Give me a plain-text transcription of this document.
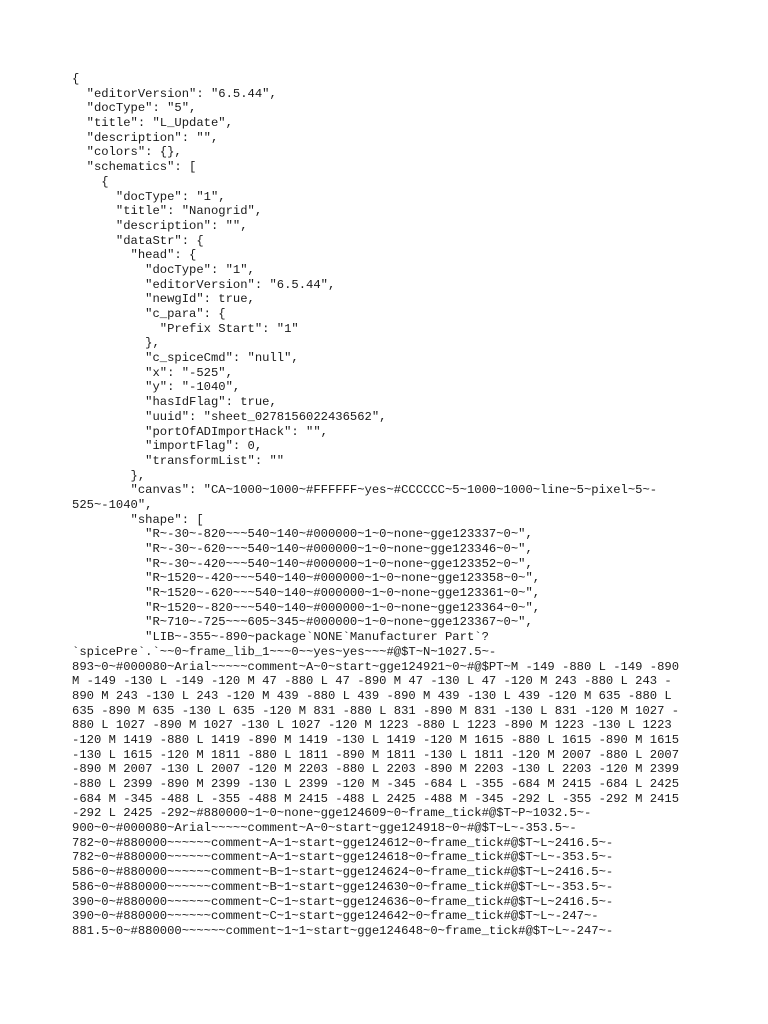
{
"editorVersion": "6.5.44",
"docType": "5",
"title": "L_Update",
"description": "",
"colors": {},
"schematics": [
{
"docType": "1",
"title": "Nanogrid",
"description": "",
"dataStr": {
"head": {
"docType": "1",
"editorVersion": "6.5.44",
"newgId": true,
"c_para": {
"Prefix Start": "1"
},
"c_spiceCmd": "null",
"x": "-525",
"y": "-1040",
"hasIdFlag": true,
"uuid": "sheet_0278156022436562",
"portOfADImportHack": "",
"importFlag": 0,
"transformList": ""
},
"canvas": "CA~1000~1000~#FFFFFF~yes~#CCCCCC~5~1000~1000~line~5~pixel~5~-
525~-1040",
"shape": [
"R~-30~-820~~~540~140~#000000~1~0~none~gge123337~0~",
"R~-30~-620~~~540~140~#000000~1~0~none~gge123346~0~",
"R~-30~-420~~~540~140~#000000~1~0~none~gge123352~0~",
"R~1520~-420~~~540~140~#000000~1~0~none~gge123358~0~",
"R~1520~-620~~~540~140~#000000~1~0~none~gge123361~0~",
"R~1520~-820~~~540~140~#000000~1~0~none~gge123364~0~",
"R~710~-725~~~605~345~#000000~1~0~none~gge123367~0~",
"LIB~-355~-890~package`NONE`Manufacturer Part`?
`spicePre`.`~~0~frame_lib_1~~~0~~yes~yes~~~#@$T~N~1027.5~-
893~0~#000080~Arial~~~~~comment~A~0~start~gge124921~0~#@$PT~M -149 -880 L -149 -890
M -149 -130 L -149 -120 M 47 -880 L 47 -890 M 47 -130 L 47 -120 M 243 -880 L 243 -
890 M 243 -130 L 243 -120 M 439 -880 L 439 -890 M 439 -130 L 439 -120 M 635 -880 L
635 -890 M 635 -130 L 635 -120 M 831 -880 L 831 -890 M 831 -130 L 831 -120 M 1027 -
880 L 1027 -890 M 1027 -130 L 1027 -120 M 1223 -880 L 1223 -890 M 1223 -130 L 1223
-120 M 1419 -880 L 1419 -890 M 1419 -130 L 1419 -120 M 1615 -880 L 1615 -890 M 1615
-130 L 1615 -120 M 1811 -880 L 1811 -890 M 1811 -130 L 1811 -120 M 2007 -880 L 2007
-890 M 2007 -130 L 2007 -120 M 2203 -880 L 2203 -890 M 2203 -130 L 2203 -120 M 2399
-880 L 2399 -890 M 2399 -130 L 2399 -120 M -345 -684 L -355 -684 M 2415 -684 L 2425
-684 M -345 -488 L -355 -488 M 2415 -488 L 2425 -488 M -345 -292 L -355 -292 M 2415
-292 L 2425 -292~#880000~1~0~none~gge124609~0~frame_tick#@$T~P~1032.5~-
900~0~#000080~Arial~~~~~comment~A~0~start~gge124918~0~#@$T~L~-353.5~-
782~0~#880000~~~~~~comment~A~1~start~gge124612~0~frame_tick#@$T~L~2416.5~-
782~0~#880000~~~~~~comment~A~1~start~gge124618~0~frame_tick#@$T~L~-353.5~-
586~0~#880000~~~~~~comment~B~1~start~gge124624~0~frame_tick#@$T~L~2416.5~-
586~0~#880000~~~~~~comment~B~1~start~gge124630~0~frame_tick#@$T~L~-353.5~-
390~0~#880000~~~~~~comment~C~1~start~gge124636~0~frame_tick#@$T~L~2416.5~-
390~0~#880000~~~~~~comment~C~1~start~gge124642~0~frame_tick#@$T~L~-247~-
881.5~0~#880000~~~~~~comment~1~1~start~gge124648~0~frame_tick#@$T~L~-247~-
